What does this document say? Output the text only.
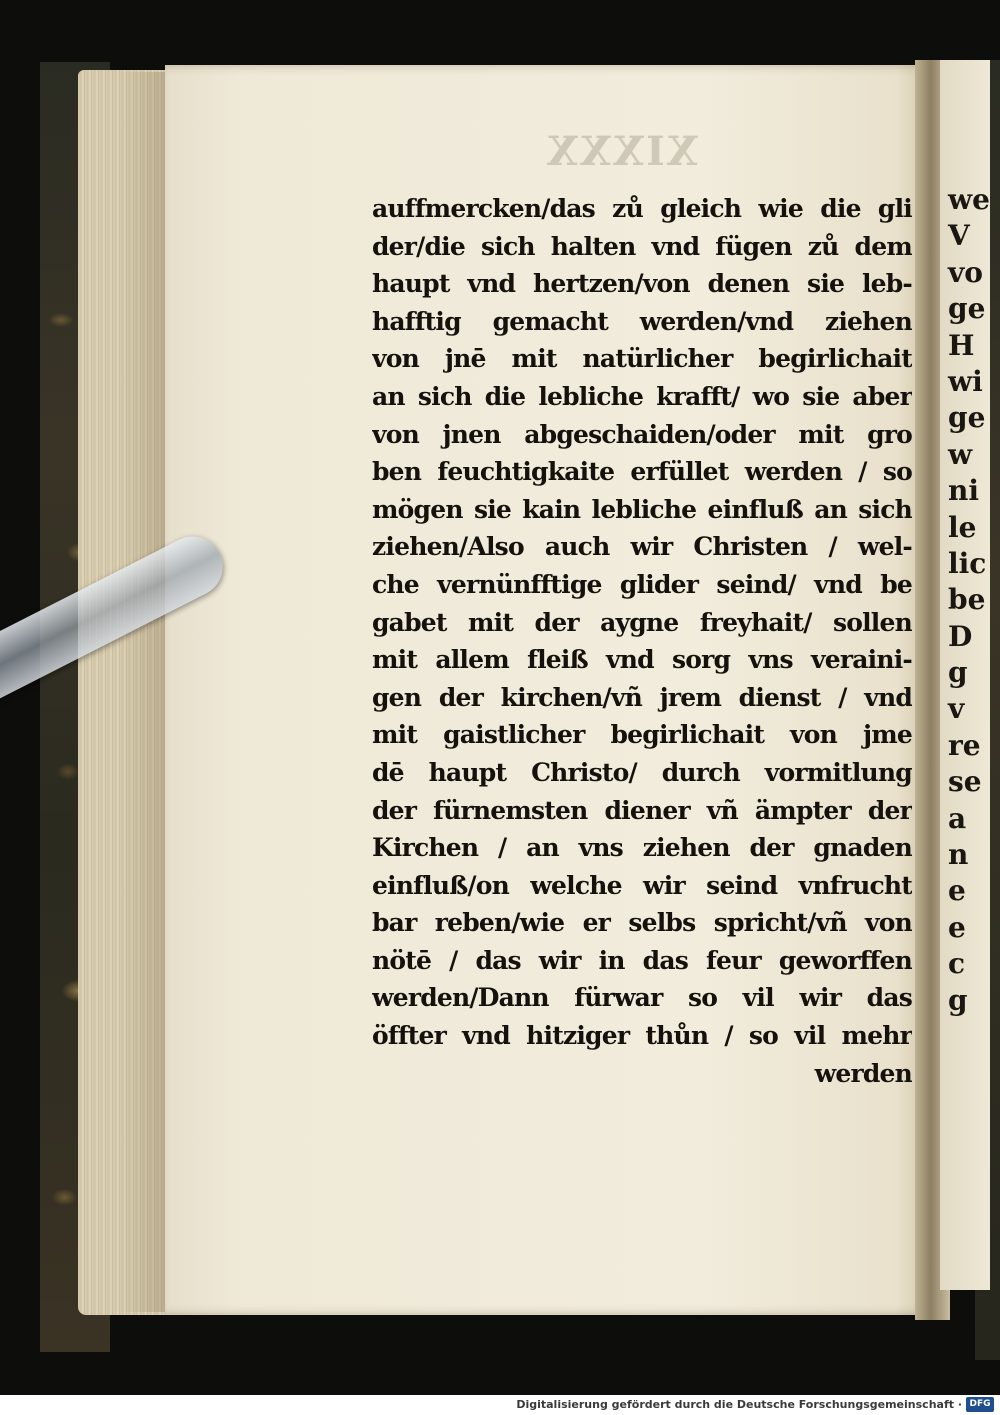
we
V
vo
ge
H
wi
ge
w
ni
le
lic
be
D
g
v
re
se
a
n
e
e
c
g
XIXXX
auffmercken/das zů gleich wie die gli
der/die sich halten vnd fügen zů dem
haupt vnd hertzen/von denen sie leb-
hafftig gemacht werden/vnd ziehen
von jnē mit natürlicher begirlichait
an sich die lebliche krafft/ wo sie aber
von jnen abgeschaiden/oder mit gro
ben feuchtigkaite erfüllet werden / so
mögen sie kain lebliche einfluß an sich
ziehen/Also auch wir Christen / wel-
che vernünfftige glider seind/ vnd be
gabet mit der aygne freyhait/ sollen
mit allem fleiß vnd sorg vns veraini-
gen der kirchen/vñ jrem dienst / vnd
mit gaistlicher begirlichait von jme
dē haupt Christo/ durch vormitlung
der fürnemsten diener vñ ämpter der
Kirchen / an vns ziehen der gnaden
einfluß/on welche wir seind vnfrucht
bar reben/wie er selbs spricht/vñ von
nötē / das wir in das feur geworffen
werden/Dann fürwar so vil wir das
öffter vnd hitziger thůn / so vil mehr
werden
Digitalisierung gefördert durch die Deutsche Forschungsgemeinschaft · DFG
